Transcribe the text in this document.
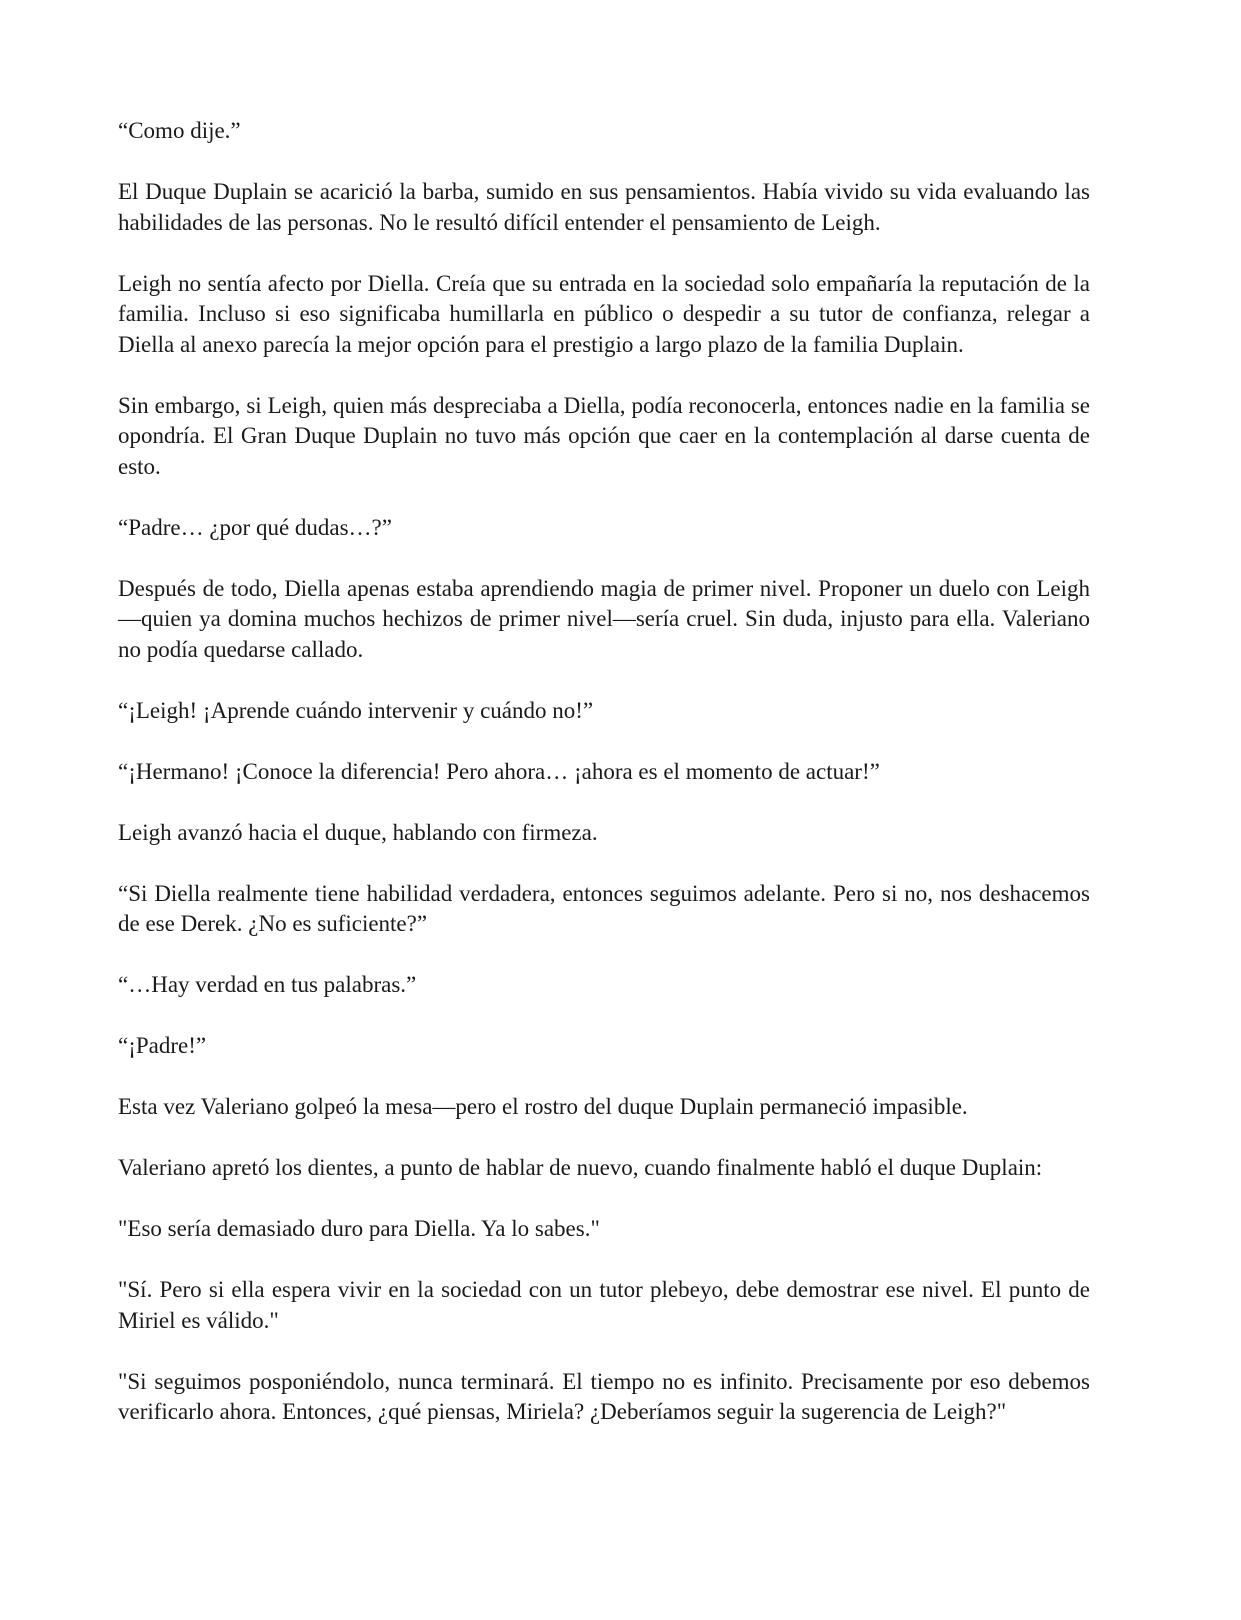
“Como dije.”

El Duque Duplain se acarició la barba, sumido en sus pensamientos. Había vivido su vida evaluando las habilidades de las personas. No le resultó difícil entender el pensamiento de Leigh.

Leigh no sentía afecto por Diella. Creía que su entrada en la sociedad solo empañaría la reputación de la familia. Incluso si eso significaba humillarla en público o despedir a su tutor de confianza, relegar a Diella al anexo parecía la mejor opción para el prestigio a largo plazo de la familia Duplain.

Sin embargo, si Leigh, quien más despreciaba a Diella, podía reconocerla, entonces nadie en la familia se opondría. El Gran Duque Duplain no tuvo más opción que caer en la contemplación al darse cuenta de esto.

“Padre… ¿por qué dudas…?”

Después de todo, Diella apenas estaba aprendiendo magia de primer nivel. Proponer un duelo con Leigh—quien ya domina muchos hechizos de primer nivel—sería cruel. Sin duda, injusto para ella. Valeriano no podía quedarse callado.

“¡Leigh! ¡Aprende cuándo intervenir y cuándo no!”

“¡Hermano! ¡Conoce la diferencia! Pero ahora… ¡ahora es el momento de actuar!”

Leigh avanzó hacia el duque, hablando con firmeza.

“Si Diella realmente tiene habilidad verdadera, entonces seguimos adelante. Pero si no, nos deshacemos de ese Derek. ¿No es suficiente?”

“…Hay verdad en tus palabras.”

“¡Padre!”

Esta vez Valeriano golpeó la mesa—pero el rostro del duque Duplain permaneció impasible.

Valeriano apretó los dientes, a punto de hablar de nuevo, cuando finalmente habló el duque Duplain:

"Eso sería demasiado duro para Diella. Ya lo sabes."

"Sí. Pero si ella espera vivir en la sociedad con un tutor plebeyo, debe demostrar ese nivel. El punto de Miriel es válido."

"Si seguimos posponiéndolo, nunca terminará. El tiempo no es infinito. Precisamente por eso debemos verificarlo ahora. Entonces, ¿qué piensas, Miriela? ¿Deberíamos seguir la sugerencia de Leigh?"
